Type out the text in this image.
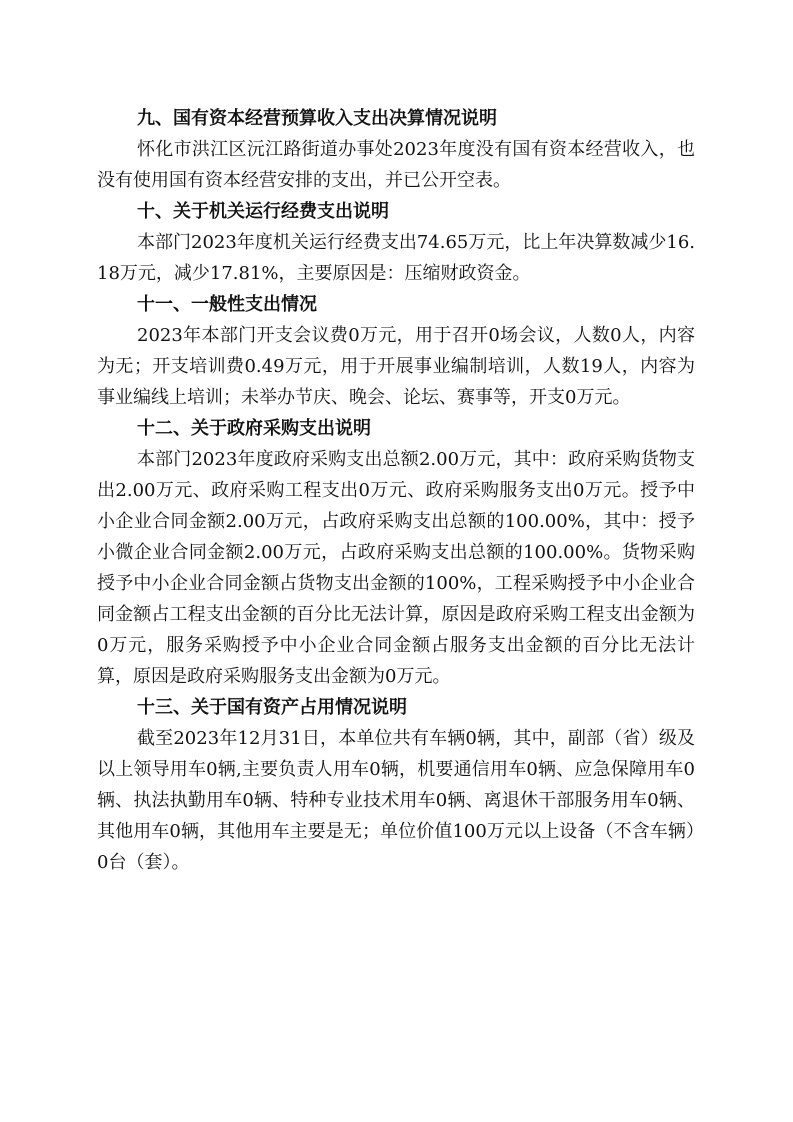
九、国有资本经营预算收入支出决算情况说明

怀化市洪江区沅江路街道办事处2023年度没有国有资本经营收入，也没有使用国有资本经营安排的支出，并已公开空表。

十、关于机关运行经费支出说明

本部门2023年度机关运行经费支出74.65万元，比上年决算数减少16.18万元，减少17.81%，主要原因是：压缩财政资金。

十一、一般性支出情况

2023年本部门开支会议费0万元，用于召开0场会议，人数0人，内容为无；开支培训费0.49万元，用于开展事业编制培训，人数19人，内容为事业编线上培训；未举办节庆、晚会、论坛、赛事等，开支0万元。

十二、关于政府采购支出说明

本部门2023年度政府采购支出总额2.00万元，其中：政府采购货物支出2.00万元、政府采购工程支出0万元、政府采购服务支出0万元。授予中小企业合同金额2.00万元，占政府采购支出总额的100.00%，其中：授予小微企业合同金额2.00万元，占政府采购支出总额的100.00%。货物采购授予中小企业合同金额占货物支出金额的100%，工程采购授予中小企业合同金额占工程支出金额的百分比无法计算，原因是政府采购工程支出金额为0万元，服务采购授予中小企业合同金额占服务支出金额的百分比无法计算，原因是政府采购服务支出金额为0万元。

十三、关于国有资产占用情况说明

截至2023年12月31日，本单位共有车辆0辆，其中，副部（省）级及以上领导用车0辆,主要负责人用车0辆，机要通信用车0辆、应急保障用车0辆、执法执勤用车0辆、特种专业技术用车0辆、离退休干部服务用车0辆、其他用车0辆，其他用车主要是无；单位价值100万元以上设备（不含车辆）0台（套）。
